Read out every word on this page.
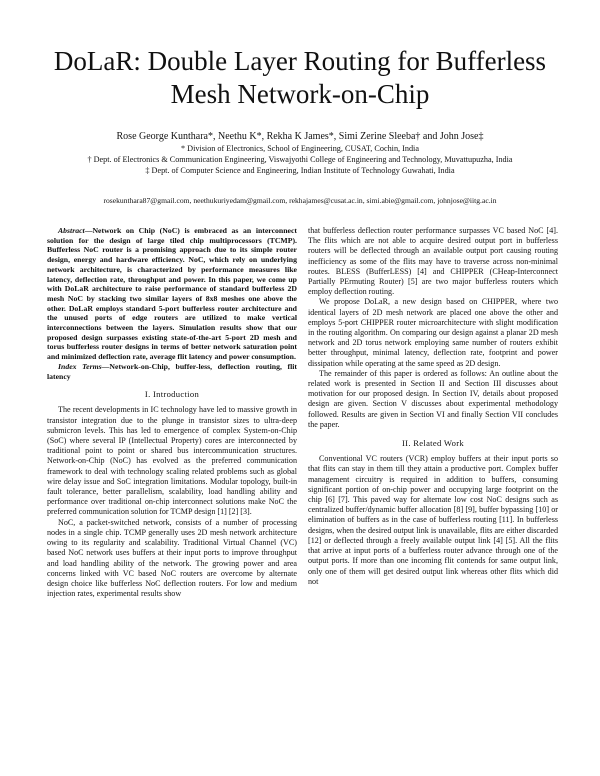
DoLaR: Double Layer Routing for Bufferless Mesh Network-on-Chip
Rose George Kunthara*, Neethu K*, Rekha K James*, Simi Zerine Sleeba† and John Jose‡
* Division of Electronics, School of Engineering, CUSAT, Cochin, India
† Dept. of Electronics & Communication Engineering, Viswajyothi College of Engineering and Technology, Muvattupuzha, India
‡ Dept. of Computer Science and Engineering, Indian Institute of Technology Guwahati, India
rosekunthara87@gmail.com, neethukuriyedam@gmail.com, rekhajames@cusat.ac.in, simi.abie@gmail.com, johnjose@iitg.ac.in

Abstract—Network on Chip (NoC) is embraced as an interconnect solution for the design of large tiled chip multiprocessors (TCMP). Bufferless NoC router is a promising approach due to its simple router design, energy and hardware efficiency. NoC, which rely on underlying network architecture, is characterized by performance measures like latency, deflection rate, throughput and power. In this paper, we come up with DoLaR architecture to raise performance of standard bufferless 2D mesh NoC by stacking two similar layers of 8x8 meshes one above the other. DoLaR employs standard 5-port bufferless router architecture and the unused ports of edge routers are utilized to make vertical interconnections between the layers. Simulation results show that our proposed design surpasses existing state-of-the-art 5-port 2D mesh and torus bufferless router designs in terms of better network saturation point and minimized deflection rate, average flit latency and power consumption.

Index Terms—Network-on-Chip, buffer-less, deflection routing, flit latency

I. Introduction

The recent developments in IC technology have led to massive growth in transistor integration due to the plunge in transistor sizes to ultra-deep submicron levels. This has led to emergence of complex System-on-Chip (SoC) where several IP (Intellectual Property) cores are interconnected by traditional point to point or shared bus intercommunication structures. Network-on-Chip (NoC) has evolved as the preferred communication framework to deal with technology scaling related problems such as global wire delay issue and SoC integration limitations. Modular topology, built-in fault tolerance, better parallelism, scalability, load handling ability and performance over traditional on-chip interconnect solutions make NoC the preferred communication solution for TCMP design [1] [2] [3].

NoC, a packet-switched network, consists of a number of processing nodes in a single chip. TCMP generally uses 2D mesh network architecture owing to its regularity and scalability. Traditional Virtual Channel (VC) based NoC network uses buffers at their input ports to improve throughput and load handling ability of the network. The growing power and area concerns linked with VC based NoC routers are overcome by alternate design choice like bufferless NoC deflection routers. For low and medium injection rates, experimental results show

that bufferless deflection router performance surpasses VC based NoC [4]. The flits which are not able to acquire desired output port in bufferless routers will be deflected through an available output port causing routing inefficiency as some of the flits may have to traverse across non-minimal routes. BLESS (BufferLESS) [4] and CHIPPER (CHeap-Interconnect Partially PErmuting Router) [5] are two major bufferless routers which employ deflection routing.

We propose DoLaR, a new design based on CHIPPER, where two identical layers of 2D mesh network are placed one above the other and employs 5-port CHIPPER router microarchitecture with slight modification in the routing algorithm. On comparing our design against a planar 2D mesh network and 2D torus network employing same number of routers exhibit better throughput, minimal latency, deflection rate, footprint and power dissipation while operating at the same speed as 2D design.

The remainder of this paper is ordered as follows: An outline about the related work is presented in Section II and Section III discusses about motivation for our proposed design. In Section IV, details about proposed design are given. Section V discusses about experimental methodology followed. Results are given in Section VI and finally Section VII concludes the paper.

II. Related Work

Conventional VC routers (VCR) employ buffers at their input ports so that flits can stay in them till they attain a productive port. Complex buffer management circuitry is required in addition to buffers, consuming significant portion of on-chip power and occupying large footprint on the chip [6] [7]. This paved way for alternate low cost NoC designs such as centralized buffer/dynamic buffer allocation [8] [9], buffer bypassing [10] or elimination of buffers as in the case of bufferless routing [11]. In bufferless designs, when the desired output link is unavailable, flits are either discarded [12] or deflected through a freely available output link [4] [5]. All the flits that arrive at input ports of a bufferless router advance through one of the output ports. If more than one incoming flit contends for same output link, only one of them will get desired output link whereas other flits which did not
